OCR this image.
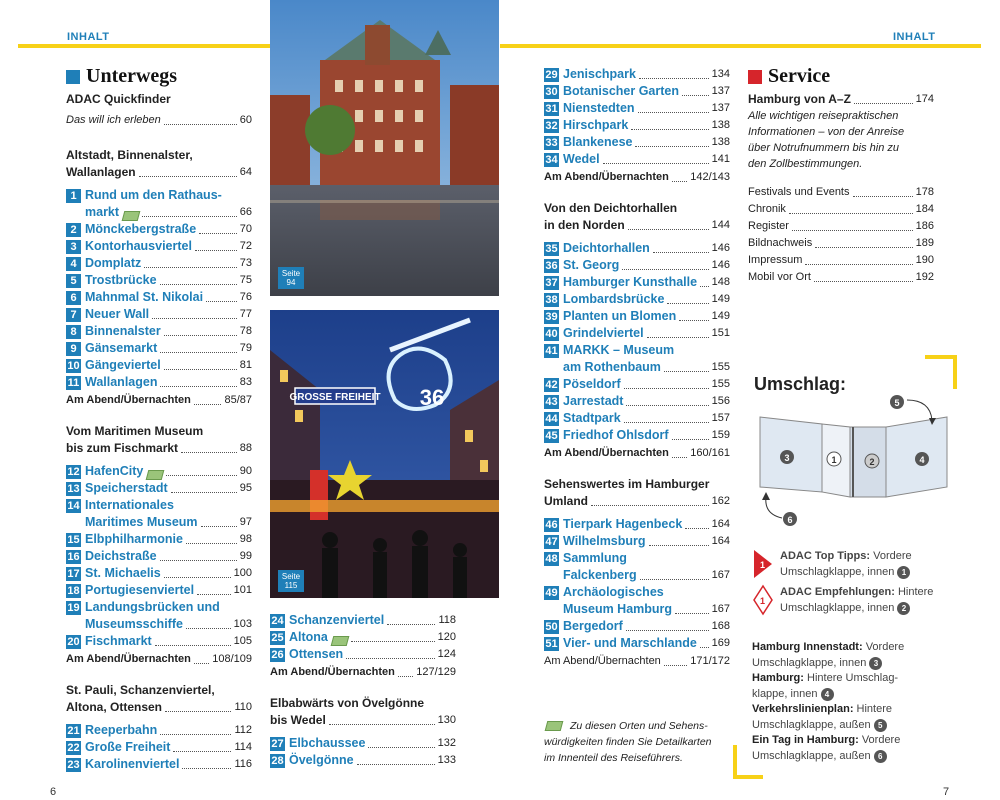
INHALT	INHALT
Unterwegs
ADAC Quickfinder
Das will ich erleben	60
Altstadt, Binnenalster,
Wallanlagen	64
1 Rund um den Rathaus-
markt	66
2 Mönckebergstraße	70
3 Kontorhausviertel	72
4 Domplatz	73
5 Trostbrücke	75
6 Mahnmal St. Nikolai	76
7 Neuer Wall	77
8 Binnenalster	78
9 Gänsemarkt	79
10 Gängeviertel	81
11 Wallanlagen	83
Am Abend/Übernachten	85/87
Vom Maritimen Museum
bis zum Fischmarkt	88
12 HafenCity	90
13 Speicherstadt	95
14 Internationales
Maritimes Museum	97
15 Elbphilharmonie	98
16 Deichstraße	99
17 St. Michaelis	100
18 Portugiesenviertel	101
19 Landungsbrücken und
Museumsschiffe	103
20 Fischmarkt	105
Am Abend/Übernachten 108/109
St. Pauli, Schanzenviertel,
Altona, Ottensen	110
21 Reeperbahn	112
22 Große Freiheit	114
23 Karolinenviertel	116
Seite
94
GROSSE FREIHEIT 36
Seite
115
24 Schanzenviertel	118
25 Altona	120
26 Ottensen	124
Am Abend/Übernachten 127/129
Elbabwärts von Övelgönne
bis Wedel	130
27 Elbchaussee	132
28 Övelgönne	133
29 Jenischpark	134
30 Botanischer Garten	137
31 Nienstedten	137
32 Hirschpark	138
33 Blankenese	138
34 Wedel	141
Am Abend/Übernachten 142/143
Von den Deichtorhallen
in den Norden	144
35 Deichtorhallen	146
36 St. Georg	146
37 Hamburger Kunsthalle 148
38 Lombardsbrücke	149
39 Planten un Blomen	149
40 Grindelviertel	151
41 MARKK – Museum
am Rothenbaum	155
42 Pöseldorf	155
43 Jarrestadt	156
44 Stadtpark	157
45 Friedhof Ohlsdorf	159
Am Abend/Übernachten 160/161
Sehenswertes im Hamburger
Umland	162
46 Tierpark Hagenbeck	164
47 Wilhelmsburg	164
48 Sammlung
Falckenberg	167
49 Archäologisches
Museum Hamburg	167
50 Bergedorf	168
51 Vier- und Marschlande 169
Am Abend/Übernachten	171/172
Zu diesen Orten und Sehens-
würdigkeiten finden Sie Detailkarten
im Innenteil des Reiseführers.
Service
Hamburg von A–Z	174
Alle wichtigen reisepraktischen
Informationen – von der Anreise
über Notrufnummern bis hin zu
den Zollbestimmungen.
Festivals und Events	178
Chronik	184
Register	186
Bildnachweis	189
Impressum	190
Mobil vor Ort	192
Umschlag:
3	1	2	4
5
6
1
ADAC Top Tipps: Vordere
Umschlagklappe, innen 1
1
ADAC Empfehlungen: Hintere
Umschlagklappe, innen 2
Hamburg Innenstadt: Vordere
Umschlagklappe, innen 3
Hamburg: Hintere Umschlag-
klappe, innen 4
Verkehrslinienplan: Hintere
Umschlagklappe, außen 5
Ein Tag in Hamburg: Vordere
Umschlagklappe, außen 6
6	7
